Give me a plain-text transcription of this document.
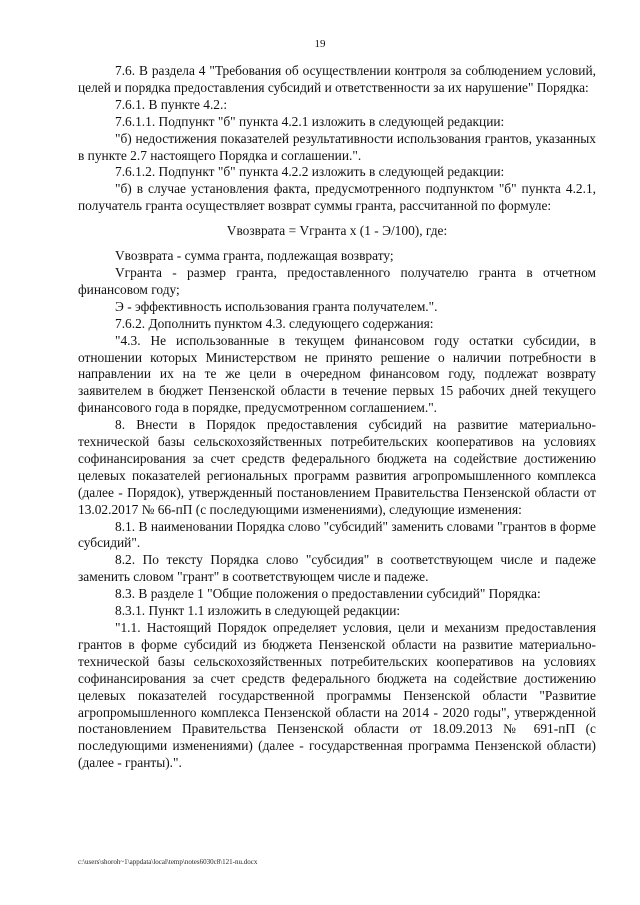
19

7.6. В раздела 4 "Требования об осуществлении контроля за соблюдением условий, целей и порядка предоставления субсидий и ответственности за их нарушение" Порядка:

7.6.1. В пункте 4.2.:

7.6.1.1. Подпункт "б" пункта 4.2.1 изложить в следующей редакции:

"б) недостижения показателей результативности использования грантов, указанных в пункте 2.7 настоящего Порядка и соглашении.".

7.6.1.2. Подпункт "б" пункта 4.2.2 изложить в следующей редакции:

"б) в случае установления факта, предусмотренного подпунктом "б" пункта 4.2.1, получатель гранта осуществляет возврат суммы гранта, рассчитанной по формуле:

Vвозврата = Vгранта x (1 - Э/100), где:

Vвозврата - сумма гранта, подлежащая возврату;

Vгранта - размер гранта, предоставленного получателю гранта в отчетном финансовом году;

Э - эффективность использования гранта получателем.".

7.6.2. Дополнить пунктом 4.3. следующего содержания:

"4.3. Не использованные в текущем финансовом году остатки субсидии, в отношении которых Министерством не принято решение о наличии потребности в направлении их на те же цели в очередном финансовом году, подлежат возврату заявителем в бюджет Пензенской области в течение первых 15 рабочих дней текущего финансового года в порядке, предусмотренном соглашением.".

8. Внести в Порядок предоставления субсидий на развитие материально-технической базы сельскохозяйственных потребительских кооперативов на условиях софинансирования за счет средств федерального бюджета на содействие достижению целевых показателей региональных программ развития агропромышленного комплекса (далее - Порядок), утвержденный постановлением Правительства Пензенской области от 13.02.2017 № 66-пП (с последующими изменениями), следующие изменения:

8.1. В наименовании Порядка слово "субсидий" заменить словами "грантов в форме субсидий".

8.2. По тексту Порядка слово "субсидия" в соответствующем числе и падеже заменить словом "грант" в соответствующем числе и падеже.

8.3. В разделе 1 "Общие положения о предоставлении субсидий" Порядка:

8.3.1. Пункт 1.1 изложить в следующей редакции:

"1.1. Настоящий Порядок определяет условия, цели и механизм предоставления грантов в форме субсидий из бюджета Пензенской области на развитие материально-технической базы сельскохозяйственных потребительских кооперативов на условиях софинансирования за счет средств федерального бюджета на содействие достижению целевых показателей государственной программы Пензенской области "Развитие агропромышленного комплекса Пензенской области на 2014 - 2020 годы", утвержденной постановлением Правительства Пензенской области от 18.09.2013 № 691-пП (с последующими изменениями) (далее - государственная программа Пензенской области) (далее - гранты).".

c:\users\shoroh~1\appdata\local\temp\notes6030c8\121-nu.docx
